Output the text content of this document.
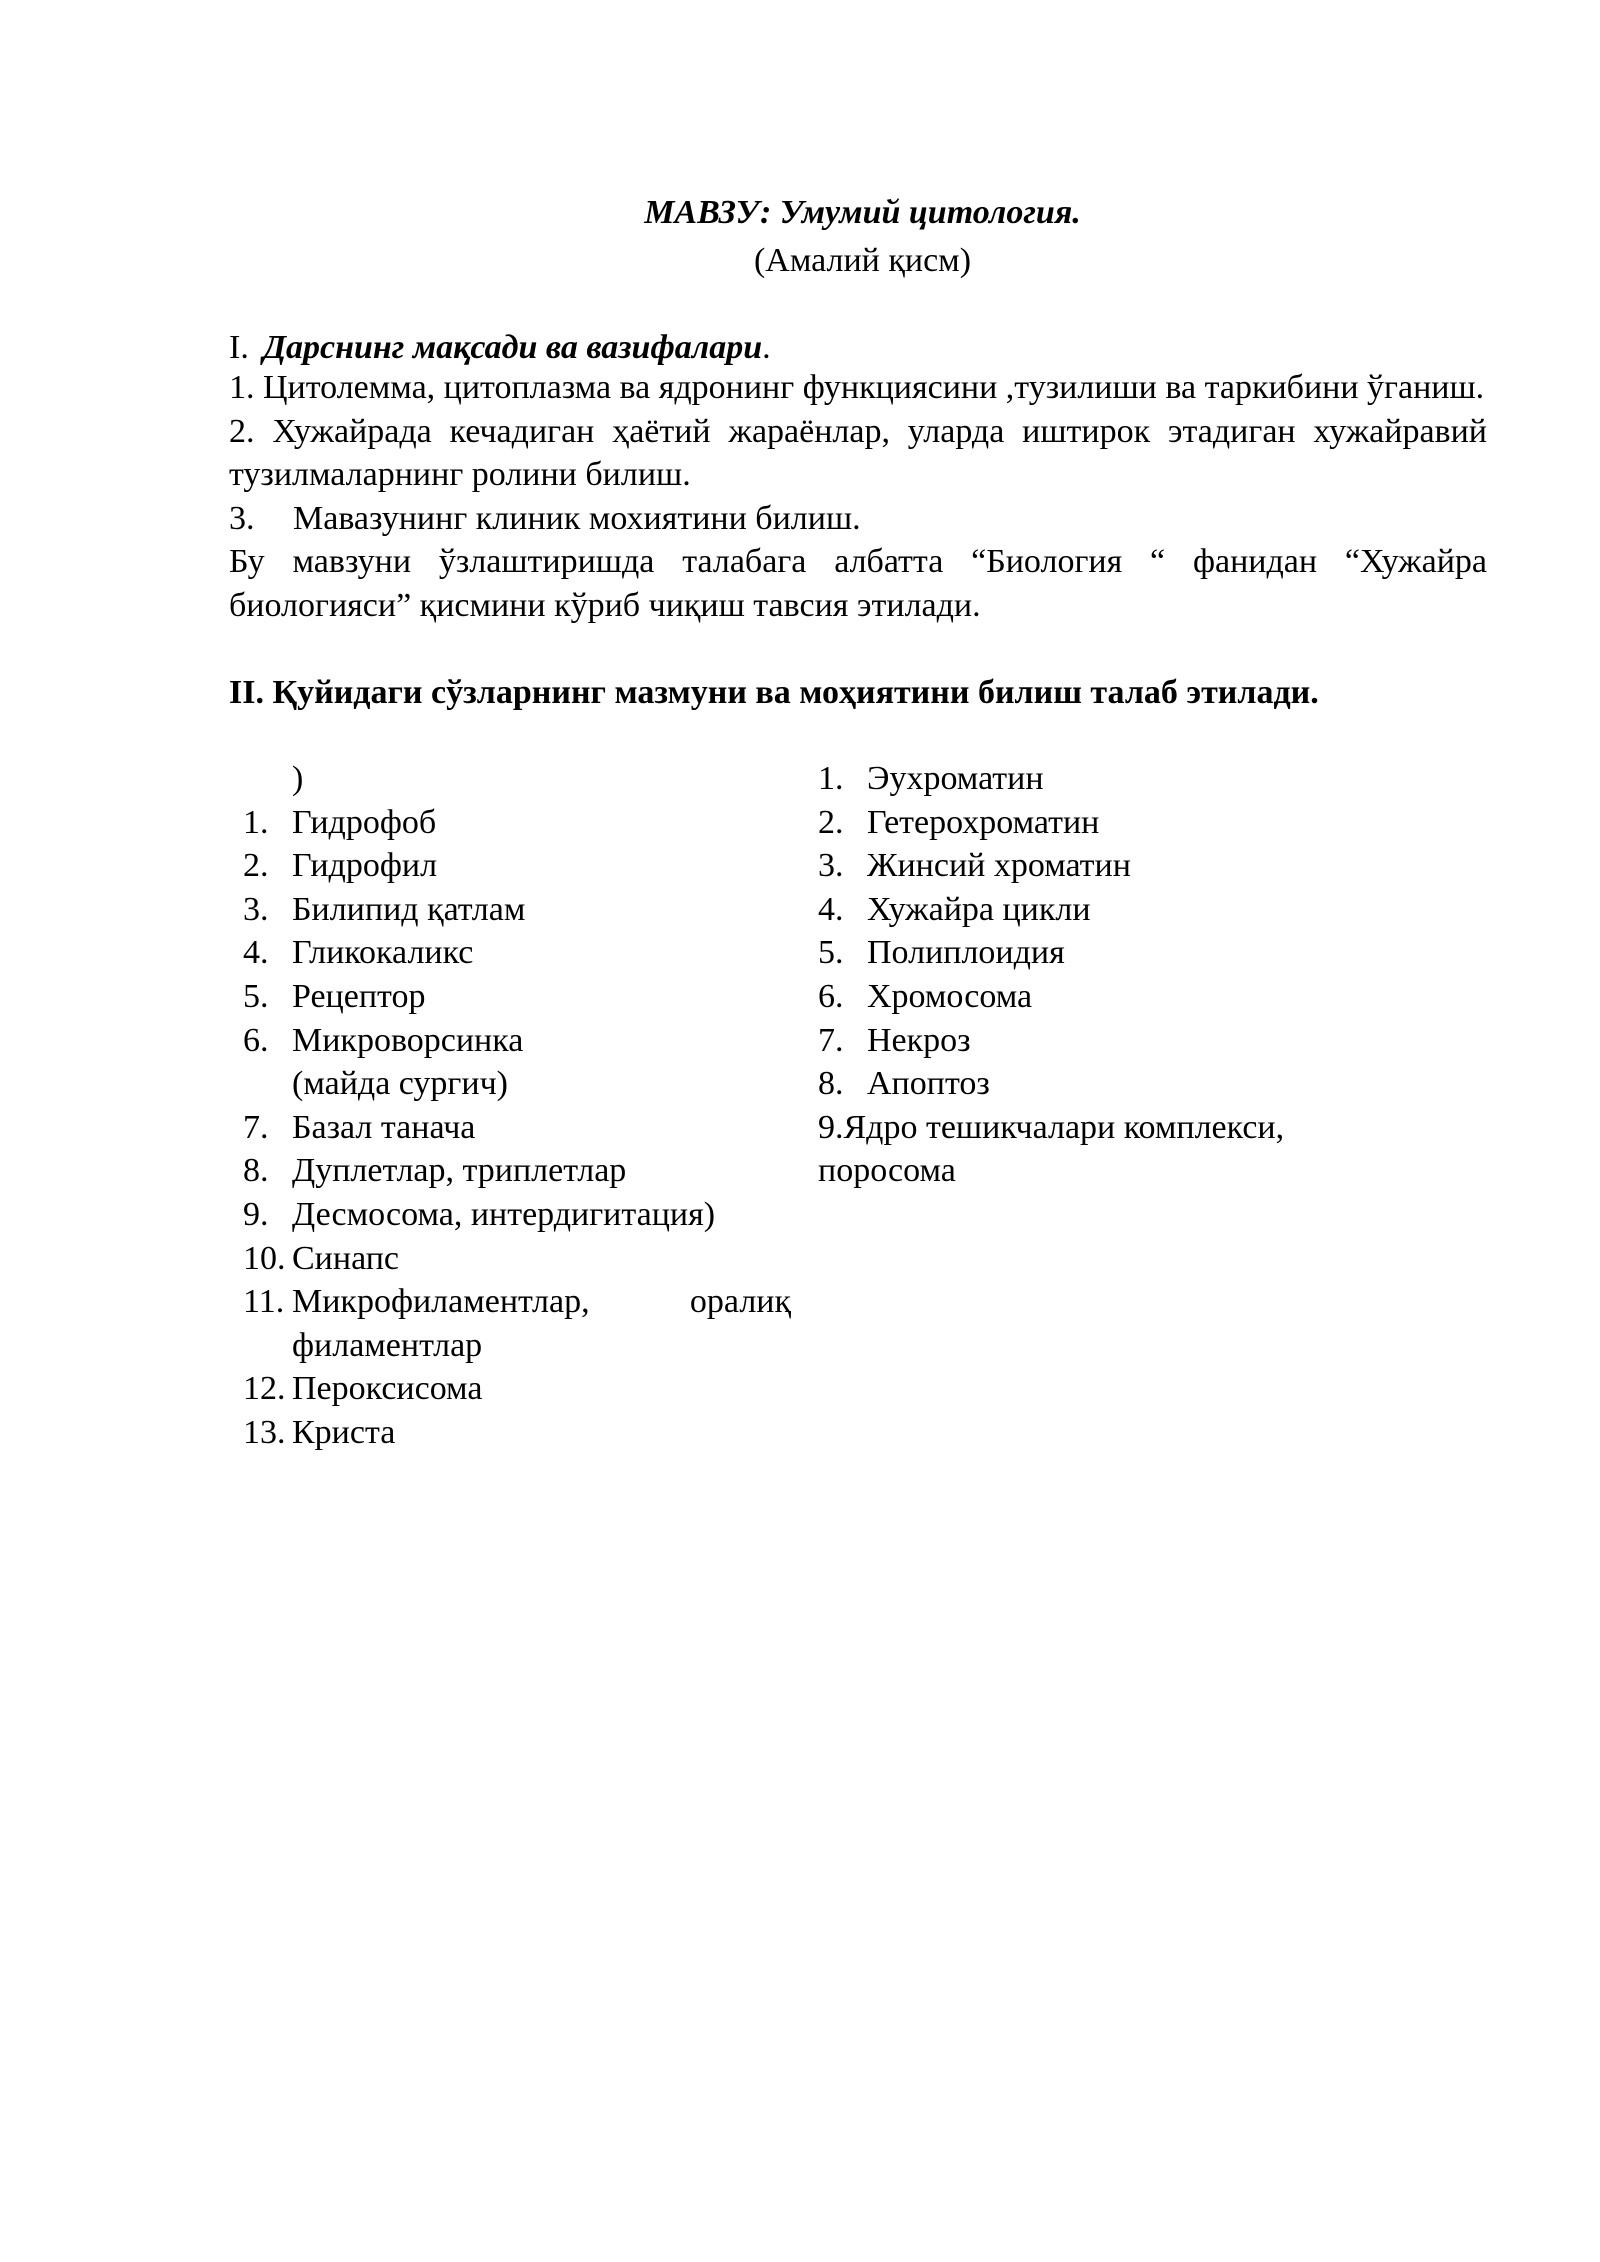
МАВЗУ: Умумий цитология.
(Амалий қисм)
I. Дарснинг мақсади ва вазифалари.

1. Цитолемма, цитоплазма ва ядронинг функциясини ,тузилиши ва таркибини ўганиш.

2. Хужайрада кечадиган ҳаётий жараёнлар, уларда иштирок этадиган хужайравий тузилмаларнинг ролини билиш.

3. Мавазунинг клиник мохиятини билиш.

Бу мавзуни ўзлаштиришда талабага албатта “Биология “ фанидан “Хужайра биологияси” қисмини кўриб чиқиш тавсия этилади.

II. Қуйидаги сўзларнинг мазмуни ва моҳиятини билиш талаб этилади.
)
1. Гидрофоб
2. Гидрофил
3. Билипид қатлам
4. Гликокаликс
5. Рецептор
6. Микроворсинка
(майда сургич)
7. Базал танача
8. Дуплетлар, триплетлар
9. Десмосома, интердигитация)
10. Синапс
11. Микрофиламентлар, оралиқ
филаментлар
12. Пероксисома
13. Криста
1. Эухроматин
2. Гетерохроматин
3. Жинсий хроматин
4. Хужайра цикли
5. Полиплоидия
6. Хромосома
7. Некроз
8. Апоптоз
9.Ядро тешикчалари комплекси,
поросома
